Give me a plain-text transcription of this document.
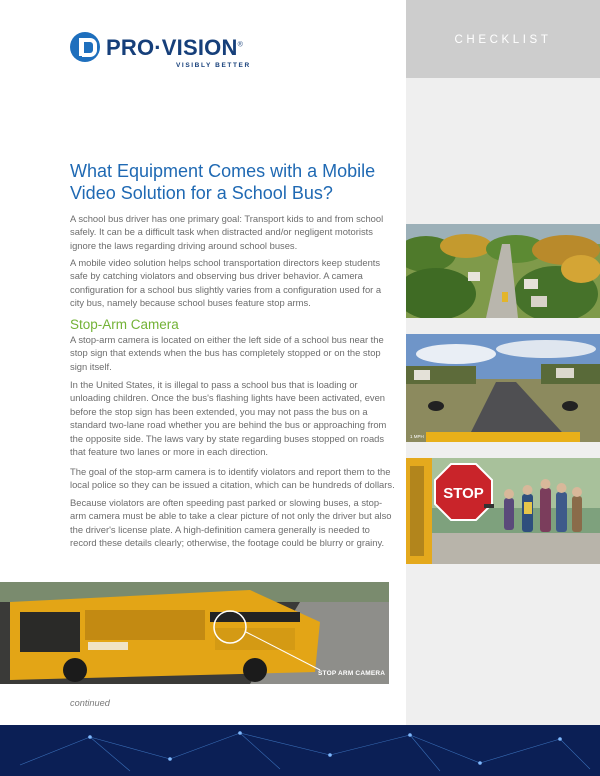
CHECKLIST
PRO·VISION®
VISIBLY BETTER
What Equipment Comes with a Mobile Video Solution for a School Bus?

A school bus driver has one primary goal: Transport kids to and from school safely. It can be a difficult task when distracted and/or negligent motorists ignore the laws regarding driving around school buses.

A mobile video solution helps school transportation directors keep students safe by catching violators and observing bus driver behavior. A camera configuration for a school bus slightly varies from a configuration used for a city bus, namely because school buses feature stop arms.

Stop-Arm Camera

A stop-arm camera is located on either the left side of a school bus near the stop sign that extends when the bus has completely stopped or on the stop sign itself.

In the United States, it is illegal to pass a school bus that is loading or unloading children. Once the bus's flashing lights have been activated, even before the stop sign has been extended, you may not pass the bus on a standard two-lane road whether you are behind the bus or approaching from the opposite side. The laws vary by state regarding buses stopped on roads that feature two lanes or more in each direction.

The goal of the stop-arm camera is to identify violators and report them to the local police so they can be issued a citation, which can be hundreds of dollars.

Because violators are often speeding past parked or slowing buses, a stop-arm camera must be able to take a clear picture of not only the driver but also the driver's license plate. A high-definition camera generally is needed to record these details clearly; otherwise, the footage could be blurry or grainy.

1 MPH
STOP
STOP ARM CAMERA
continued
